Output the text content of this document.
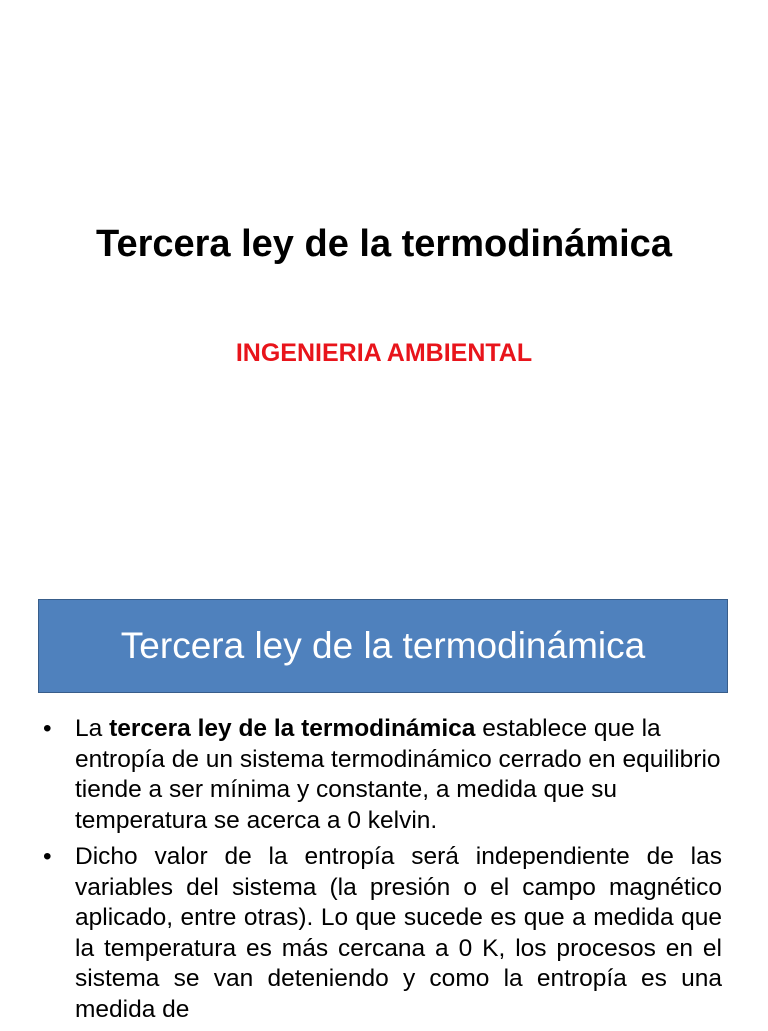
Tercera ley de la termodinámica
INGENIERIA AMBIENTAL
Tercera ley de la termodinámica
• La tercera ley de la termodinámica establece que la entropía de un sistema termodinámico cerrado en equilibrio tiende a ser mínima y constante, a medida que su temperatura se acerca a 0 kelvin.
• Dicho valor de la entropía será independiente de las variables del sistema (la presión o el campo magnético aplicado, entre otras). Lo que sucede es que a medida que la temperatura es más cercana a 0 K, los procesos en el sistema se van deteniendo y como la entropía es una medida de
